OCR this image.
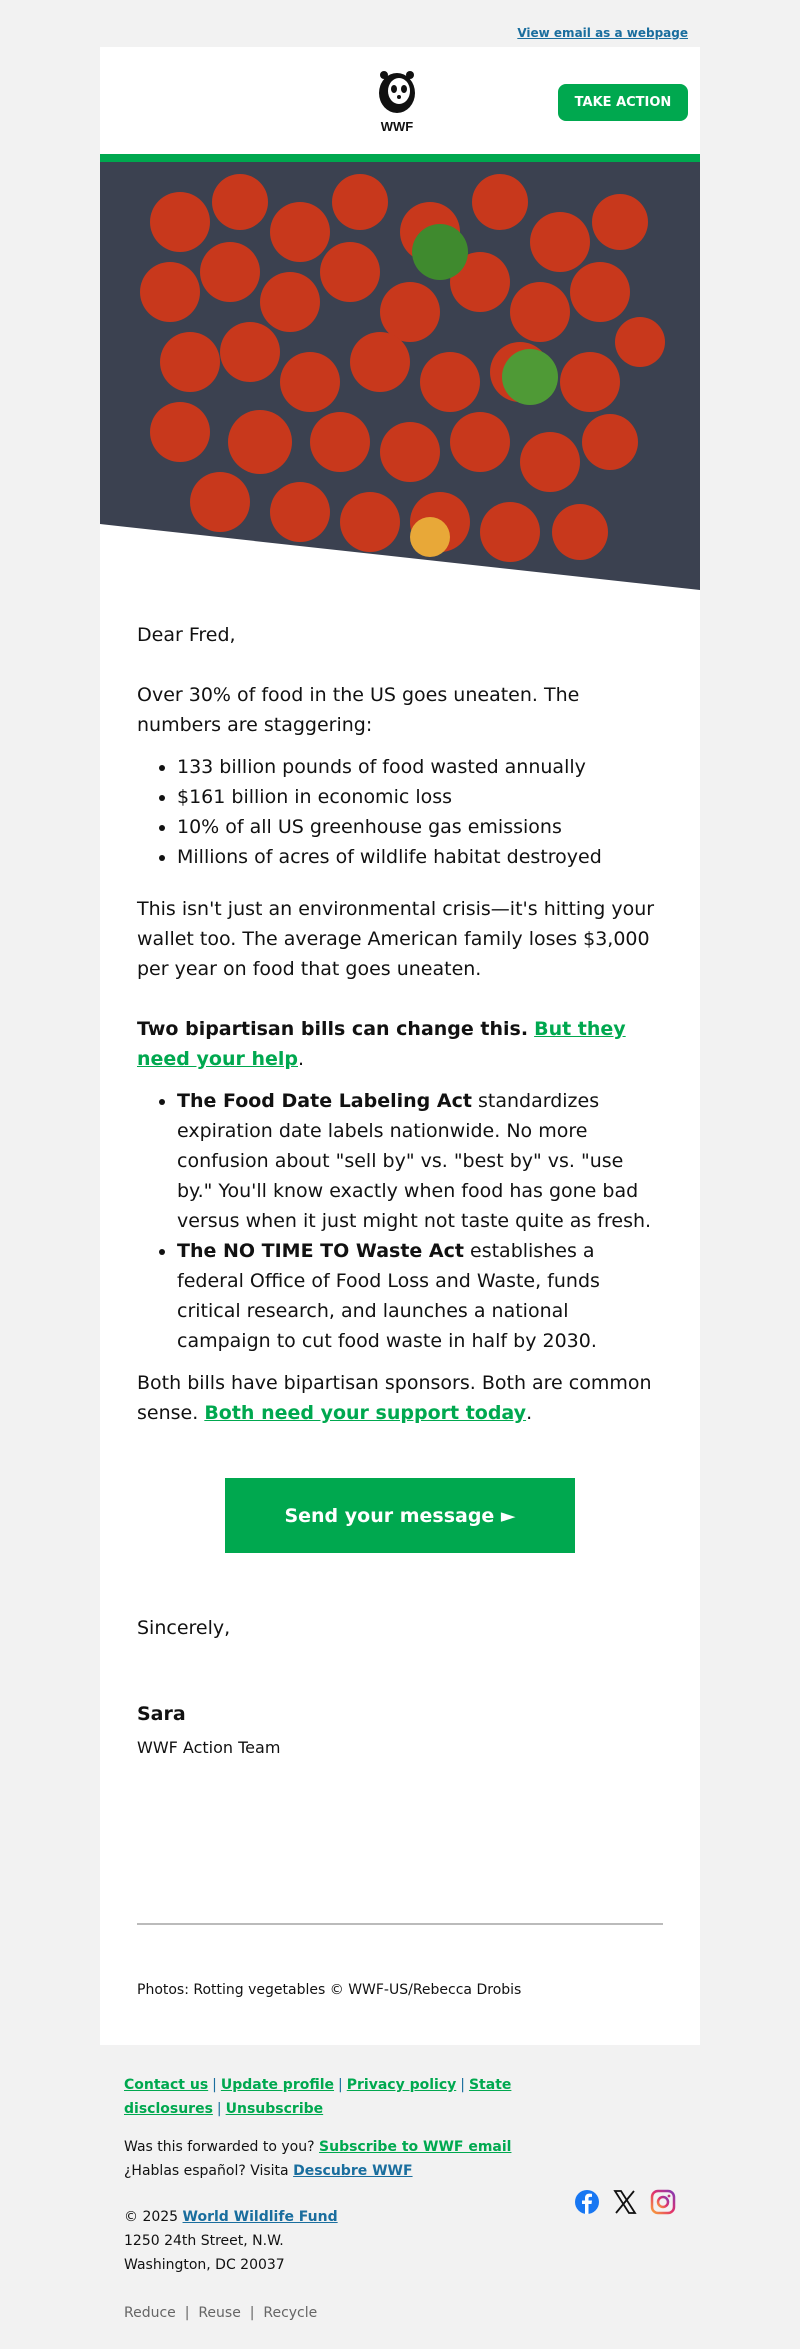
View email as a webpage
WWF
TAKE ACTION

Dear Fred,

Over 30% of food in the US goes uneaten. The numbers are staggering:

• 133 billion pounds of food wasted annually
• $161 billion in economic loss
• 10% of all US greenhouse gas emissions
• Millions of acres of wildlife habitat destroyed

This isn't just an environmental crisis—it's hitting your wallet too. The average American family loses $3,000 per year on food that goes uneaten.

Two bipartisan bills can change this. But they need your help.

• The Food Date Labeling Act standardizes expiration date labels nationwide. No more confusion about "sell by" vs. "best by" vs. "use by." You'll know exactly when food has gone bad versus when it just might not taste quite as fresh.
• The NO TIME TO Waste Act establishes a federal Office of Food Loss and Waste, funds critical research, and launches a national campaign to cut food waste in half by 2030.

Both bills have bipartisan sponsors. Both are common sense. Both need your support today.

Send your message ►

Sincerely,

Sara

WWF Action Team
Photos: Rotting vegetables © WWF-US/Rebecca Drobis
Contact us | Update profile | Privacy policy | State disclosures | Unsubscribe
Was this forwarded to you? Subscribe to WWF email
¿Hablas español? Visita Descubre WWF
© 2025 World Wildlife Fund
1250 24th Street, N.W.
Washington, DC 20037
Reduce  |  Reuse  |  Recycle
